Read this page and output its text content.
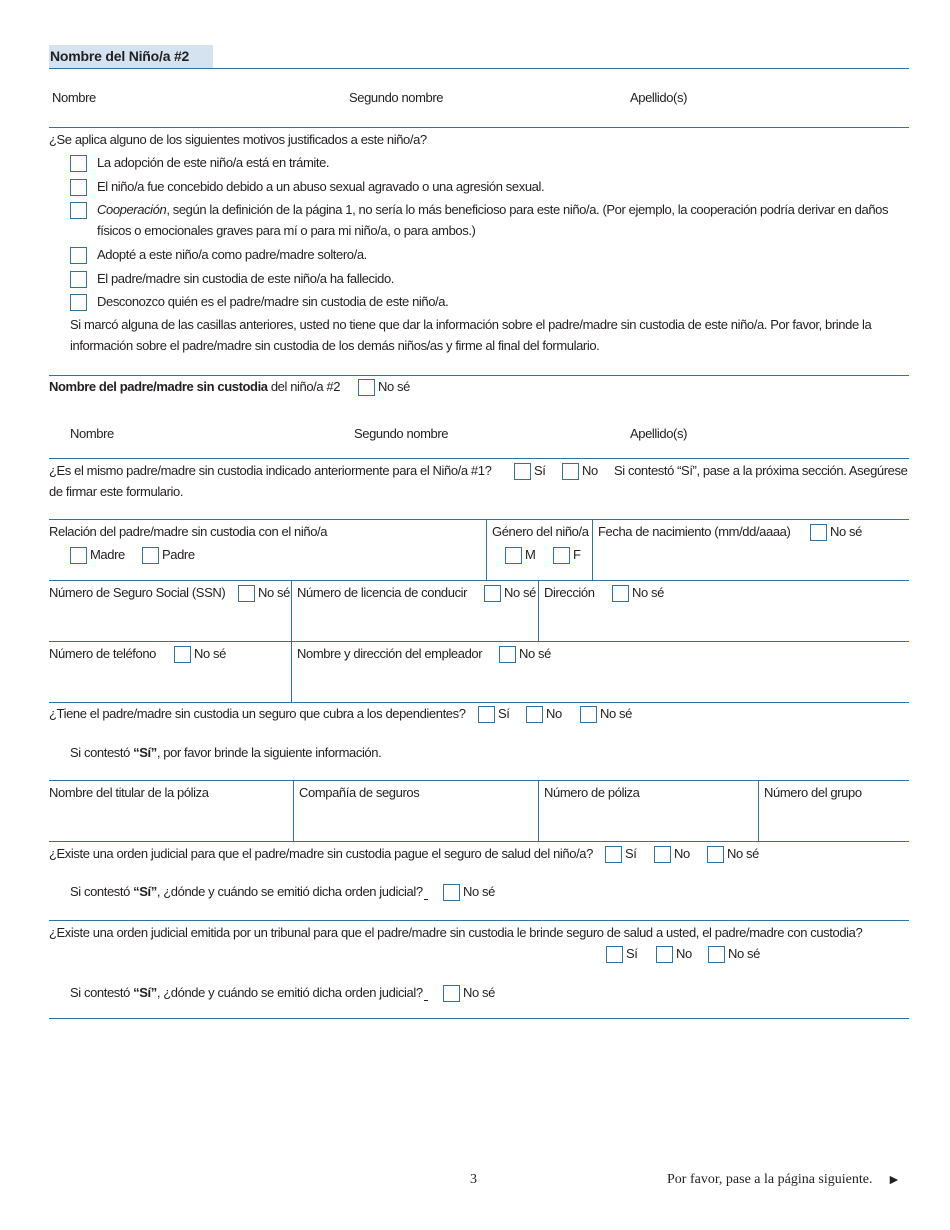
Nombre del Niño/a #2
Nombre	Segundo nombre	Apellido(s)
¿Se aplica alguno de los siguientes motivos justificados a este niño/a?
La adopción de este niño/a está en trámite.
El niño/a fue concebido debido a un abuso sexual agravado o una agresión sexual.
Cooperación, según la definición de la página 1, no sería lo más beneficioso para este niño/a. (Por ejemplo, la cooperación podría derivar en daños físicos o emocionales graves para mí o para mi niño/a, o para ambos.)
Adopté a este niño/a como padre/madre soltero/a.
El padre/madre sin custodia de este niño/a ha fallecido.
Desconozco quién es el padre/madre sin custodia de este niño/a.
Si marcó alguna de las casillas anteriores, usted no tiene que dar la información sobre el padre/madre sin custodia de este niño/a. Por favor, brinde la información sobre el padre/madre sin custodia de los demás niños/as y firme al final del formulario.
Nombre del padre/madre sin custodia del niño/a #2	No sé
Nombre	Segundo nombre	Apellido(s)
¿Es el mismo padre/madre sin custodia indicado anteriormente para el Niño/a #1?	Sí	No	Si contestó “Sí”, pase a la próxima sección. Asegúrese de firmar este formulario.
Relación del padre/madre sin custodia con el niño/a
Madre	Padre
Género del niño/a
M	F
Fecha de nacimiento (mm/dd/aaaa)	No sé
Número de Seguro Social (SSN)	No sé Número de licencia de conducir	No sé Dirección	No sé
Número de teléfono	No sé	Nombre y dirección del empleador	No sé
¿Tiene el padre/madre sin custodia un seguro que cubra a los dependientes? Sí	No	No sé
Si contestó “Sí”, por favor brinde la siguiente información.
Nombre del titular de la póliza	Compañía de seguros	Número de póliza	Número del grupo
¿Existe una orden judicial para que el padre/madre sin custodia pague el seguro de salud del niño/a? Sí	No	No sé
Si contestó “Sí”, ¿dónde y cuándo se emitió dicha orden judicial?	No sé
¿Existe una orden judicial emitida por un tribunal para que el padre/madre sin custodia le brinde seguro de salud a usted, el padre/madre con custodia?
Sí	No	No sé
Si contestó “Sí”, ¿dónde y cuándo se emitió dicha orden judicial?	No sé
3	Por favor, pase a la página siguiente. ►
